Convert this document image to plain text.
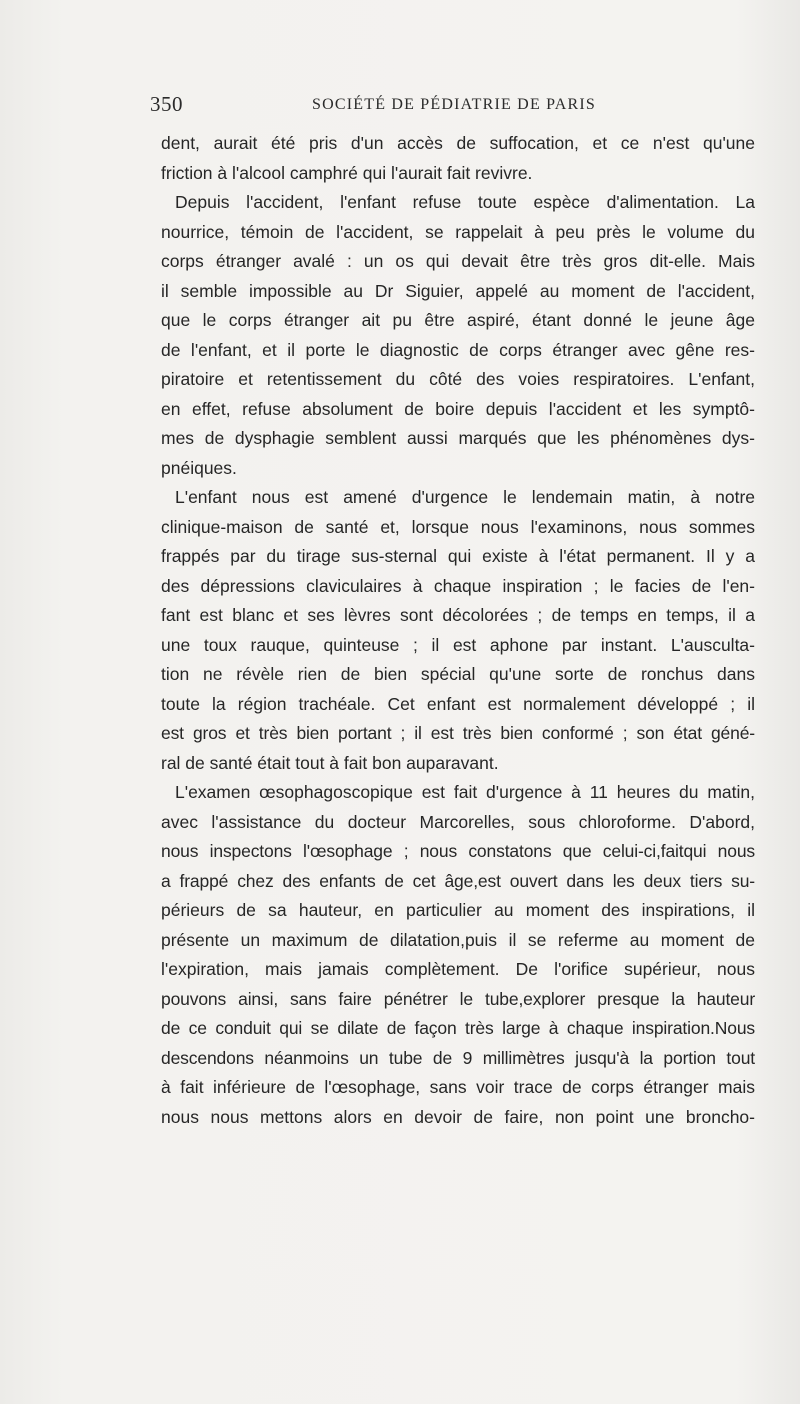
350	SOCIÉTÉ DE PÉDIATRIE DE PARIS
dent, aurait été pris d'un accès de suffocation, et ce n'est qu'une
friction à l'alcool camphré qui l'aurait fait revivre.
Depuis l'accident, l'enfant refuse toute espèce d'alimentation. La
nourrice, témoin de l'accident, se rappelait à peu près le volume du
corps étranger avalé : un os qui devait être très gros dit-elle. Mais
il semble impossible au Dr Siguier, appelé au moment de l'accident,
que le corps étranger ait pu être aspiré, étant donné le jeune âge
de l'enfant, et il porte le diagnostic de corps étranger avec gêne res-
piratoire et retentissement du côté des voies respiratoires. L'enfant,
en effet, refuse absolument de boire depuis l'accident et les symptô-
mes de dysphagie semblent aussi marqués que les phénomènes dys-
pnéiques.
L'enfant nous est amené d'urgence le lendemain matin, à notre
clinique-maison de santé et, lorsque nous l'examinons, nous sommes
frappés par du tirage sus-sternal qui existe à l'état permanent. Il y a
des dépressions claviculaires à chaque inspiration ; le facies de l'en-
fant est blanc et ses lèvres sont décolorées ; de temps en temps, il a
une toux rauque, quinteuse ; il est aphone par instant. L'ausculta-
tion ne révèle rien de bien spécial qu'une sorte de ronchus dans
toute la région trachéale. Cet enfant est normalement développé ; il
est gros et très bien portant ; il est très bien conformé ; son état géné-
ral de santé était tout à fait bon auparavant.
L'examen œsophagoscopique est fait d'urgence à 11 heures du matin,
avec l'assistance du docteur Marcorelles, sous chloroforme. D'abord,
nous inspectons l'œsophage ; nous constatons que celui-ci,faitqui nous
a frappé chez des enfants de cet âge,est ouvert dans les deux tiers su-
périeurs de sa hauteur, en particulier au moment des inspirations, il
présente un maximum de dilatation,puis il se referme au moment de
l'expiration, mais jamais complètement. De l'orifice supérieur, nous
pouvons ainsi, sans faire pénétrer le tube,explorer presque la hauteur
de ce conduit qui se dilate de façon très large à chaque inspiration.Nous
descendons néanmoins un tube de 9 millimètres jusqu'à la portion tout
à fait inférieure de l'œsophage, sans voir trace de corps étranger mais
nous nous mettons alors en devoir de faire, non point une broncho-
